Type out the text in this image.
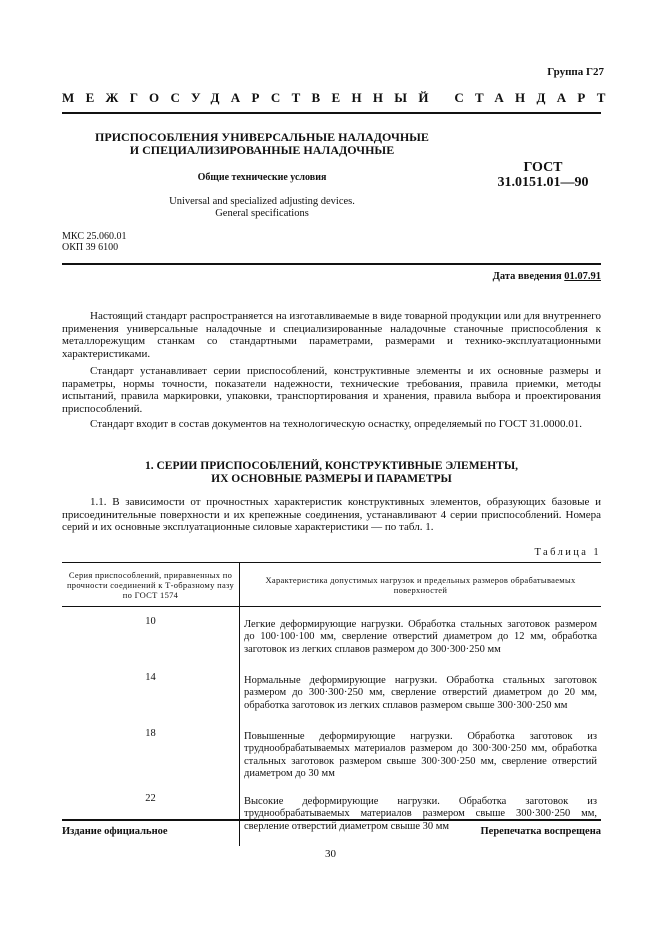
Группа Г27
МЕЖГОСУДАРСТВЕННЫЙ СТАНДАРТ
ПРИСПОСОБЛЕНИЯ УНИВЕРСАЛЬНЫЕ НАЛАДОЧНЫЕ
И СПЕЦИАЛИЗИРОВАННЫЕ НАЛАДОЧНЫЕ
Общие технические условия
Universal and specialized adjusting devices.
General specifications
ГОСТ
31.0151.01—90
МКС 25.060.01
ОКП 39 6100
Дата введения 01.07.91
Настоящий стандарт распространяется на изготавливаемые в виде товарной продукции или для внутреннего применения универсальные наладочные и специализированные наладочные станочные приспособления к металлорежущим станкам со стандартными параметрами, размерами и технико-эксплуатационными характеристиками.
Стандарт устанавливает серии приспособлений, конструктивные элементы и их основные размеры и параметры, нормы точности, показатели надежности, технические требования, правила приемки, методы испытаний, правила маркировки, упаковки, транспортирования и хранения, правила выбора и проектирования приспособлений.
Стандарт входит в состав документов на технологическую оснастку, определяемый по ГОСТ 31.0000.01.
1. СЕРИИ ПРИСПОСОБЛЕНИЙ, КОНСТРУКТИВНЫЕ ЭЛЕМЕНТЫ,
ИХ ОСНОВНЫЕ РАЗМЕРЫ И ПАРАМЕТРЫ
1.1. В зависимости от прочностных характеристик конструктивных элементов, образующих базовые и присоединительные поверхности и их крепежные соединения, устанавливают 4 серии приспособлений. Номера серий и их основные эксплуатационные силовые характеристики — по табл. 1.
Таблица 1
Серия приспособлений, приравненных по прочности соединений к Т-образному пазу по ГОСТ 1574	Характеристика допустимых нагрузок и предельных размеров обрабатываемых поверхностей
10	Легкие деформирующие нагрузки. Обработка стальных заготовок размером до 100·100·100 мм, сверление отверстий диаметром до 12 мм, обработка заготовок из легких сплавов размером до 300·300·250 мм
14	Нормальные деформирующие нагрузки. Обработка стальных заготовок размером до 300·300·250 мм, сверление отверстий диаметром до 20 мм, обработка заготовок из легких сплавов размером свыше 300·300·250 мм
18	Повышенные деформирующие нагрузки. Обработка заготовок из труднообрабатываемых материалов размером до 300·300·250 мм, обработка стальных заготовок размером свыше 300·300·250 мм, сверление отверстий диаметром до 30 мм
22	Высокие деформирующие нагрузки. Обработка заготовок из труднообрабатываемых материалов размером свыше 300·300·250 мм, сверление отверстий диаметром свыше 30 мм
Издание официальное	Перепечатка воспрещена
30
